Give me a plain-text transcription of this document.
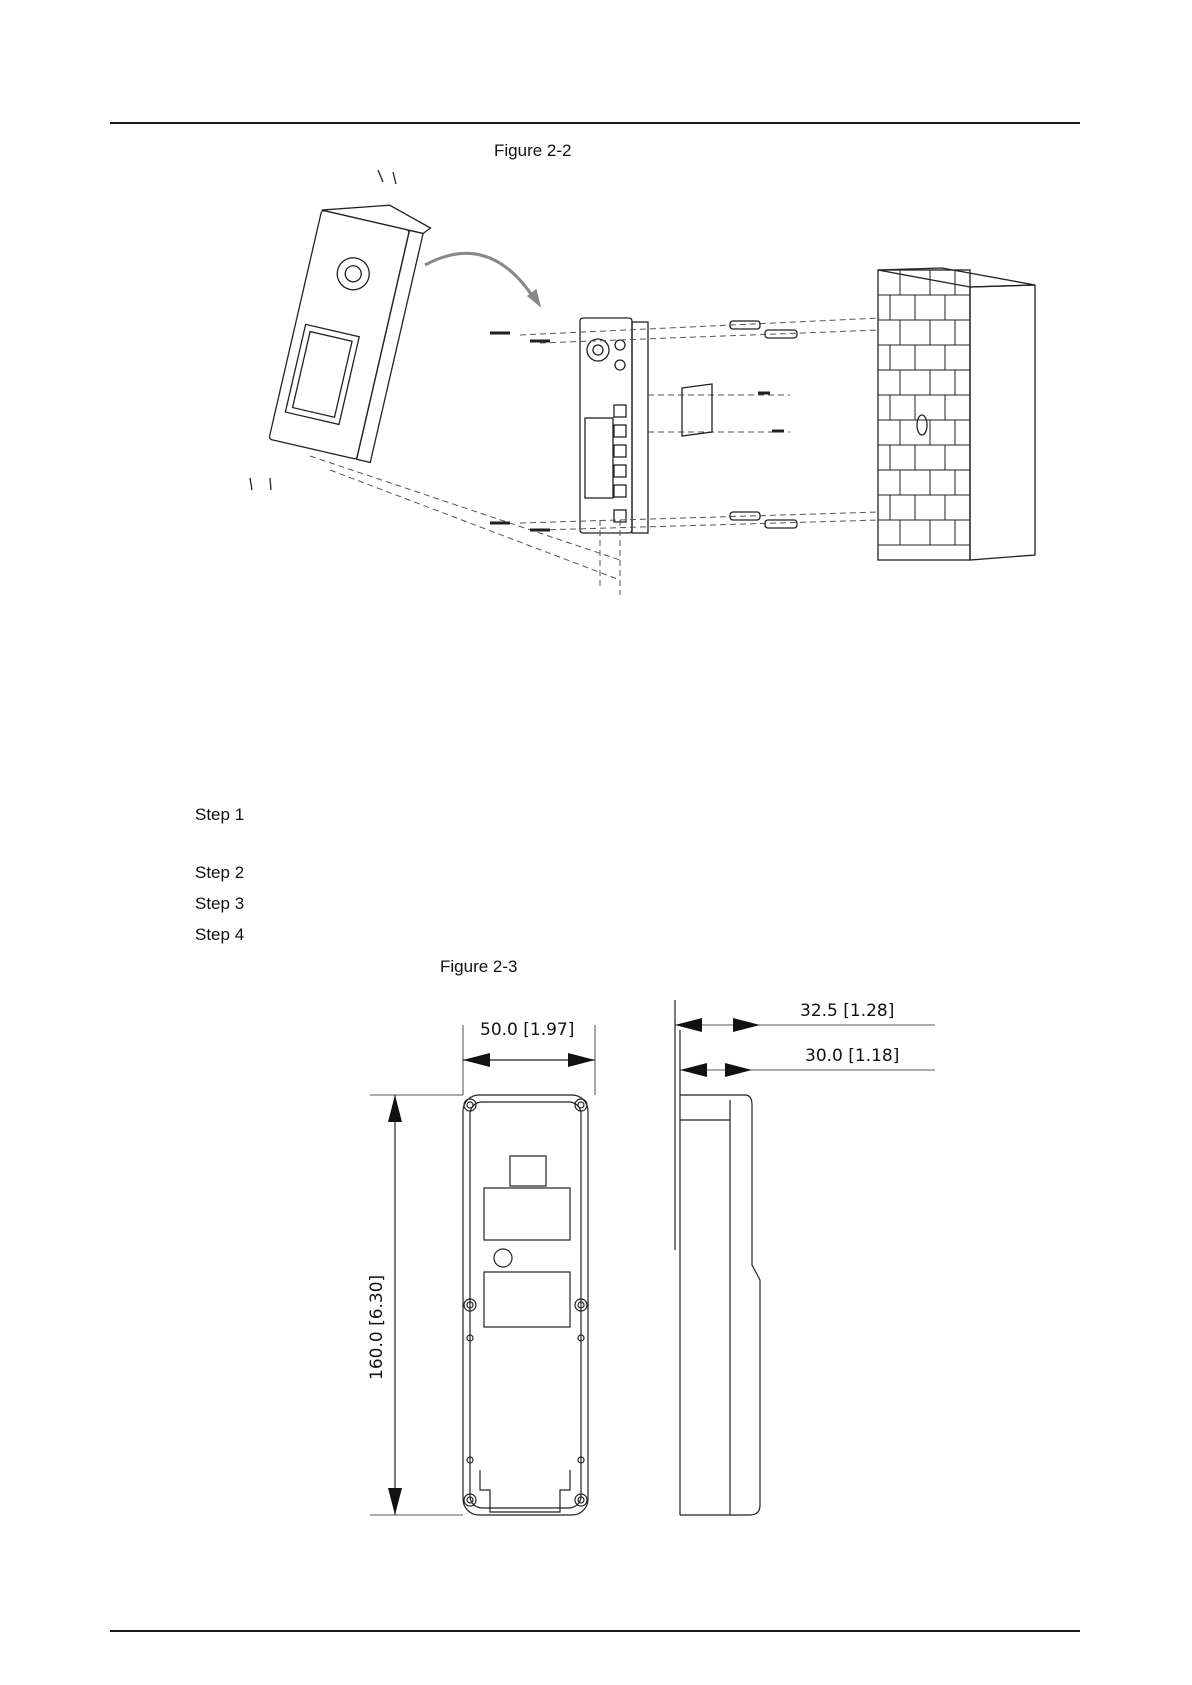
Figure 2-2
Step 1
Step 2
Step 3
Step 4
Figure 2-3
50.0 [1.97]
32.5 [1.28]
30.0 [1.18]
160.0 [6.30]
